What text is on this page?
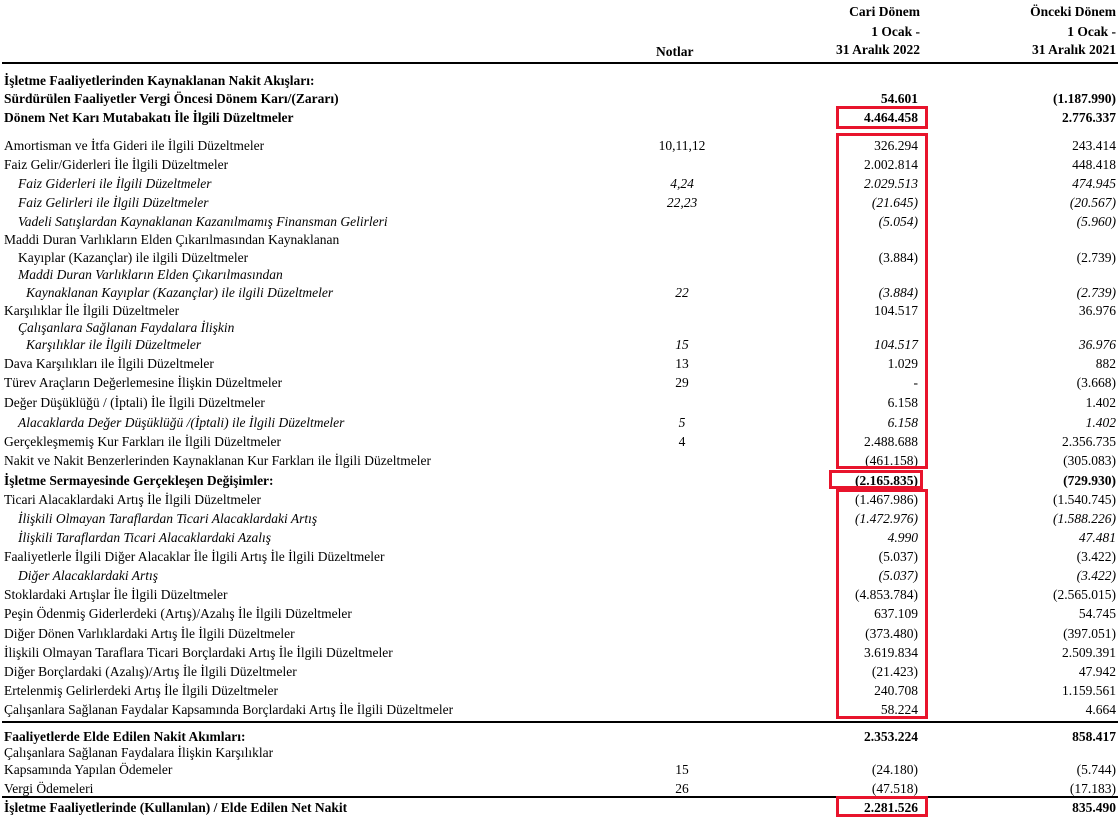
Cari Dönem	Önceki Dönem
1 Ocak -	1 Ocak -
31 Aralık 2022	31 Aralık 2021
Notlar
İşletme Faaliyetlerinden Kaynaklanan Nakit Akışları:
Sürdürülen Faaliyetler Vergi Öncesi Dönem Karı/(Zararı)	54.601	(1.187.990)
Dönem Net Karı Mutabakatı İle İlgili Düzeltmeler	4.464.458	2.776.337
Amortisman ve İtfa Gideri ile İlgili Düzeltmeler	10,11,12	326.294	243.414
Faiz Gelir/Giderleri İle İlgili Düzeltmeler	2.002.814	448.418
Faiz Giderleri ile İlgili Düzeltmeler	4,24	2.029.513	474.945
Faiz Gelirleri ile İlgili Düzeltmeler	22,23	(21.645)	(20.567)
Vadeli Satışlardan Kaynaklanan Kazanılmamış Finansman Gelirleri	(5.054)	(5.960)
Maddi Duran Varlıkların Elden Çıkarılmasından Kaynaklanan
Kayıplar (Kazançlar) ile ilgili Düzeltmeler	(3.884)	(2.739)
Maddi Duran Varlıkların Elden Çıkarılmasından
Kaynaklanan Kayıplar (Kazançlar) ile ilgili Düzeltmeler	22	(3.884)	(2.739)
Karşılıklar İle İlgili Düzeltmeler	104.517	36.976
Çalışanlara Sağlanan Faydalara İlişkin
Karşılıklar ile İlgili Düzeltmeler	15	104.517	36.976
Dava Karşılıkları ile İlgili Düzeltmeler	13	1.029	882
Türev Araçların Değerlemesine İlişkin Düzeltmeler	29	-	(3.668)
Değer Düşüklüğü / (İptali) İle İlgili Düzeltmeler	6.158	1.402
Alacaklarda Değer Düşüklüğü /(İptali) ile İlgili Düzeltmeler	5	6.158	1.402
Gerçekleşmemiş Kur Farkları ile İlgili Düzeltmeler	4	2.488.688	2.356.735
Nakit ve Nakit Benzerlerinden Kaynaklanan Kur Farkları ile İlgili Düzeltmeler	(461.158)	(305.083)
İşletme Sermayesinde Gerçekleşen Değişimler:	(2.165.835)	(729.930)
Ticari Alacaklardaki Artış İle İlgili Düzeltmeler	(1.467.986)	(1.540.745)
İlişkili Olmayan Taraflardan Ticari Alacaklardaki Artış	(1.472.976)	(1.588.226)
İlişkili Taraflardan Ticari Alacaklardaki Azalış	4.990	47.481
Faaliyetlerle İlgili Diğer Alacaklar İle İlgili Artış İle İlgili Düzeltmeler	(5.037)	(3.422)
Diğer Alacaklardaki Artış	(5.037)	(3.422)
Stoklardaki Artışlar İle İlgili Düzeltmeler	(4.853.784)	(2.565.015)
Peşin Ödenmiş Giderlerdeki (Artış)/Azalış İle İlgili Düzeltmeler	637.109	54.745
Diğer Dönen Varlıklardaki Artış İle İlgili Düzeltmeler	(373.480)	(397.051)
İlişkili Olmayan Taraflara Ticari Borçlardaki Artış İle İlgili Düzeltmeler	3.619.834	2.509.391
Diğer Borçlardaki (Azalış)/Artış İle İlgili Düzeltmeler	(21.423)	47.942
Ertelenmiş Gelirlerdeki Artış İle İlgili Düzeltmeler	240.708	1.159.561
Çalışanlara Sağlanan Faydalar Kapsamında Borçlardaki Artış İle İlgili Düzeltmeler	58.224	4.664
Faaliyetlerde Elde Edilen Nakit Akımları:	2.353.224	858.417
Çalışanlara Sağlanan Faydalara İlişkin Karşılıklar
Kapsamında Yapılan Ödemeler	15	(24.180)	(5.744)
Vergi Ödemeleri	26	(47.518)	(17.183)
İşletme Faaliyetlerinde (Kullanılan) / Elde Edilen Net Nakit	2.281.526	835.490
